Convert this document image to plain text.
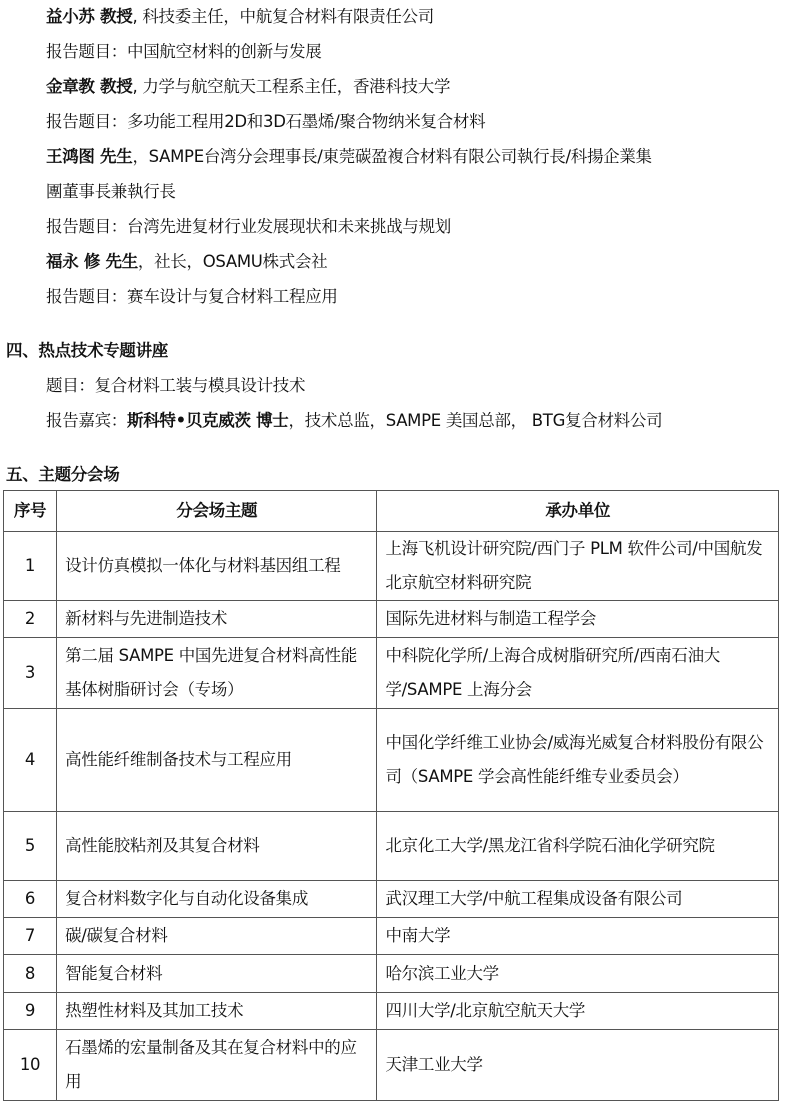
益小苏 教授, 科技委主任，中航复合材料有限责任公司
报告题目：中国航空材料的创新与发展
金章教 教授, 力学与航空航天工程系主任，香港科技大学
报告题目：多功能工程用2D和3D石墨烯/聚合物纳米复合材料
王鸿图 先生，SAMPE台湾分会理事長/東莞碳盈複合材料有限公司執行長/科揚企業集
團董事長兼執行長
报告题目：台湾先进复材行业发展现状和未来挑战与规划
福永 修 先生，社长，OSAMU株式会社
报告题目：赛车设计与复合材料工程应用
四、热点技术专题讲座
题目：复合材料工装与模具设计技术
报告嘉宾：斯科特•贝克威茨 博士，技术总监，SAMPE 美国总部， BTG复合材料公司
五、主题分会场
序号	分会场主题	承办单位
1	设计仿真模拟一体化与材料基因组工程	上海飞机设计研究院/西门子 PLM 软件公司/中国航发北京航空材料研究院
2	新材料与先进制造技术	国际先进材料与制造工程学会
3	第二届 SAMPE 中国先进复合材料高性能基体树脂研讨会（专场）	中科院化学所/上海合成树脂研究所/西南石油大学/SAMPE 上海分会
4	高性能纤维制备技术与工程应用	中国化学纤维工业协会/威海光威复合材料股份有限公司（SAMPE 学会高性能纤维专业委员会）
5	高性能胶粘剂及其复合材料	北京化工大学/黑龙江省科学院石油化学研究院
6	复合材料数字化与自动化设备集成	武汉理工大学/中航工程集成设备有限公司
7	碳/碳复合材料	中南大学
8	智能复合材料	哈尔滨工业大学
9	热塑性材料及其加工技术	四川大学/北京航空航天大学
10	石墨烯的宏量制备及其在复合材料中的应用	天津工业大学
